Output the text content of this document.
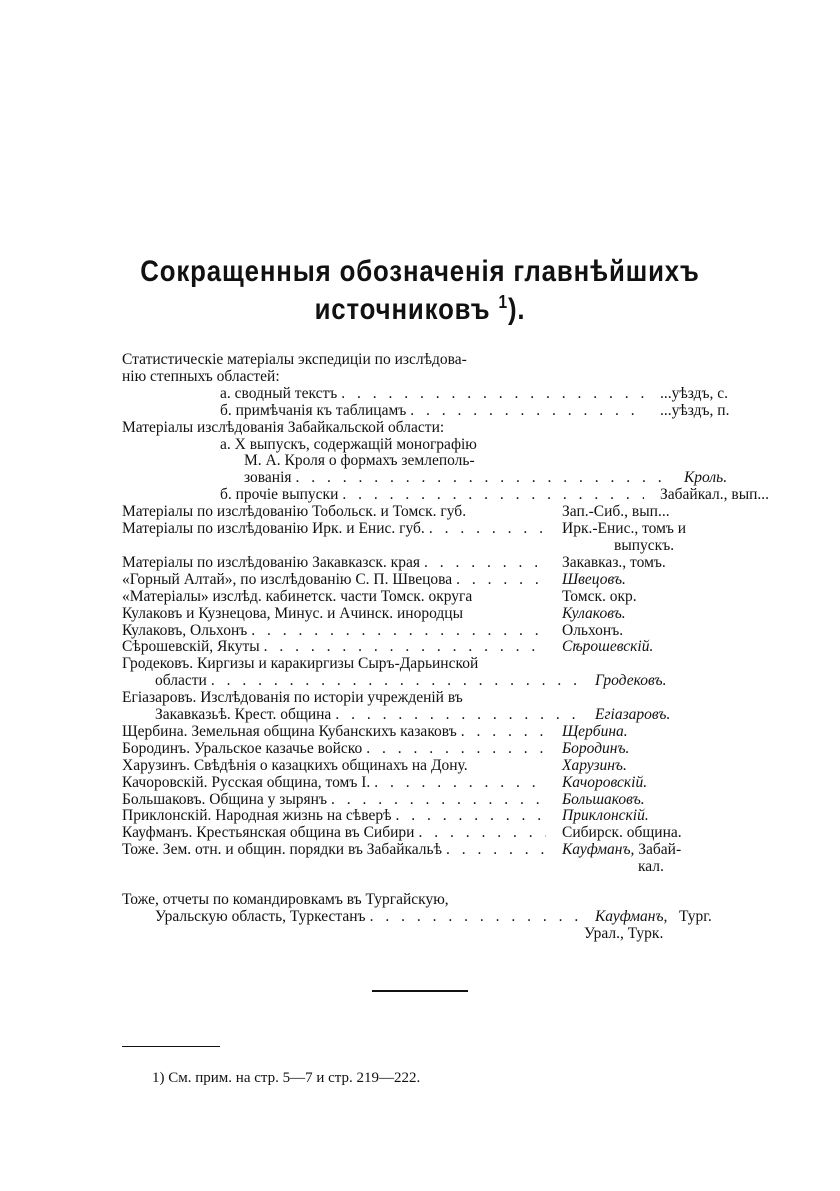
Сокращенныя обозначенія главнѣйшихъ
источниковъ $^1$).
Статистическіе матеріалы экспедиціи по изслѣдова-
нію степныхъ областей:
а. сводный текстъ . . .	...уѣздъ, с.
б. примѣчанія къ таблицамъ . . .	...уѣздъ, п.
Матеріалы изслѣдованія Забайкальской области:
а. X выпускъ, содержащій монографію
М. А. Кроля о формахъ землеполь-
зованія . . .	Кроль.
б. прочіе выпуски . . .	Забайкал., вып...
Матеріалы по изслѣдованію Тобольск. и Томск. губ.	Зап.-Сиб., вып...
Матеріалы по изслѣдованію Ирк. и Енис. губ. . . .	Ирк.-Енис., томъ и
выпускъ.
Матеріалы по изслѣдованію Закавказск. края . . .	Закавказ., томъ.
«Горный Алтай», по изслѣдованію С. П. Швецова . . .	Швецовъ.
«Матеріалы» изслѣд. кабинетск. части Томск. округа	Томск. окр.
Кулаковъ и Кузнецова, Минус. и Ачинск. инородцы	Кулаковъ.
Кулаковъ, Ольхонъ . . .	Ольхонъ.
Сѣрошевскій, Якуты . . .	Сѣрошевскій.
Гродековъ. Киргизы и каракиргизы Сыръ-Дарьинской
области . . .	Гродековъ.
Егіазаровъ. Изслѣдованія по исторіи учрежденій въ
Закавказьѣ. Крест. община . . .	Егіазаровъ.
Щербина. Земельная община Кубанскихъ казаковъ . . .	Щербина.
Бородинъ. Уральское казачье войско . . .	Бородинъ.
Харузинъ. Свѣдѣнія о казацкихъ общинахъ на Дону.	Харузинъ.
Качоровскій. Русская община, томъ I. . . .	Качоровскій.
Большаковъ. Община у зырянъ . . .	Большаковъ.
Приклонскій. Народная жизнь на сѣверѣ . . .	Приклонскій.
Кауфманъ. Крестьянская община въ Сибири . . .	Сибирск. община.
Тоже. Зем. отн. и общин. порядки въ Забайкальѣ . . .	Кауфманъ, Забай-
кал.
Тоже, отчеты по командировкамъ въ Тургайскую,
Уральскую область, Туркестанъ . . .	Кауфманъ, Тург.
Урал., Турк.
1) См. прим. на стр. 5—7 и стр. 219—222.
